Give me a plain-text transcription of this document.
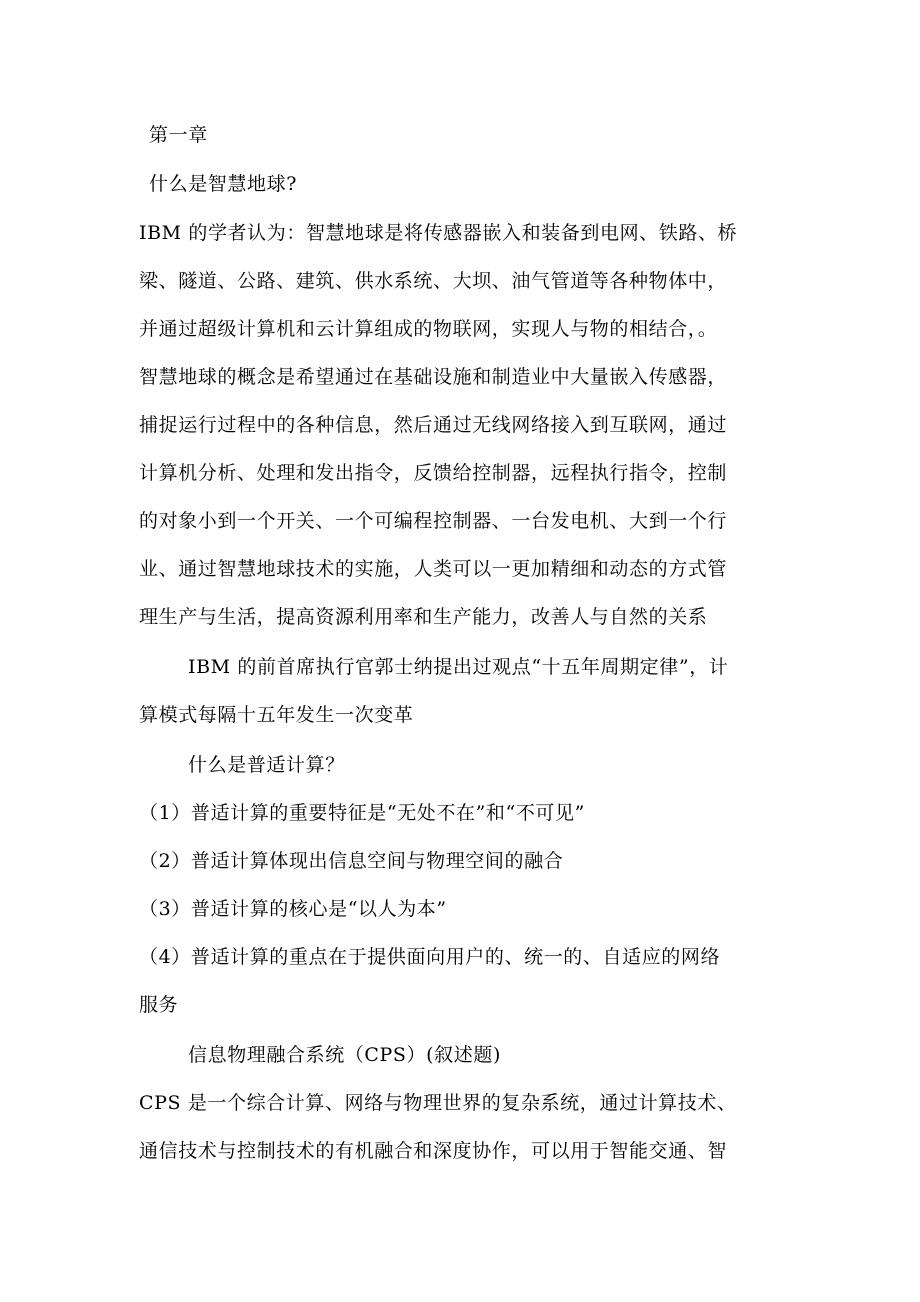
第一章
什么是智慧地球?
IBM 的学者认为：智慧地球是将传感器嵌入和装备到电网、铁路、桥
梁、隧道、公路、建筑、供水系统、大坝、油气管道等各种物体中，
并通过超级计算机和云计算组成的物联网，实现人与物的相结合，。
智慧地球的概念是希望通过在基础设施和制造业中大量嵌入传感器，
捕捉运行过程中的各种信息，然后通过无线网络接入到互联网，通过
计算机分析、处理和发出指令，反馈给控制器，远程执行指令，控制
的对象小到一个开关、一个可编程控制器、一台发电机、大到一个行
业、通过智慧地球技术的实施，人类可以一更加精细和动态的方式管
理生产与生活，提高资源利用率和生产能力，改善人与自然的关系
IBM 的前首席执行官郭士纳提出过观点“十五年周期定律”，计
算模式每隔十五年发生一次变革
什么是普适计算？
（1）普适计算的重要特征是“无处不在”和“不可见”
（2）普适计算体现出信息空间与物理空间的融合
（3）普适计算的核心是“以人为本”
（4）普适计算的重点在于提供面向用户的、统一的、自适应的网络
服务
信息物理融合系统（CPS）(叙述题)
CPS 是一个综合计算、网络与物理世界的复杂系统，通过计算技术、
通信技术与控制技术的有机融合和深度协作，可以用于智能交通、智
